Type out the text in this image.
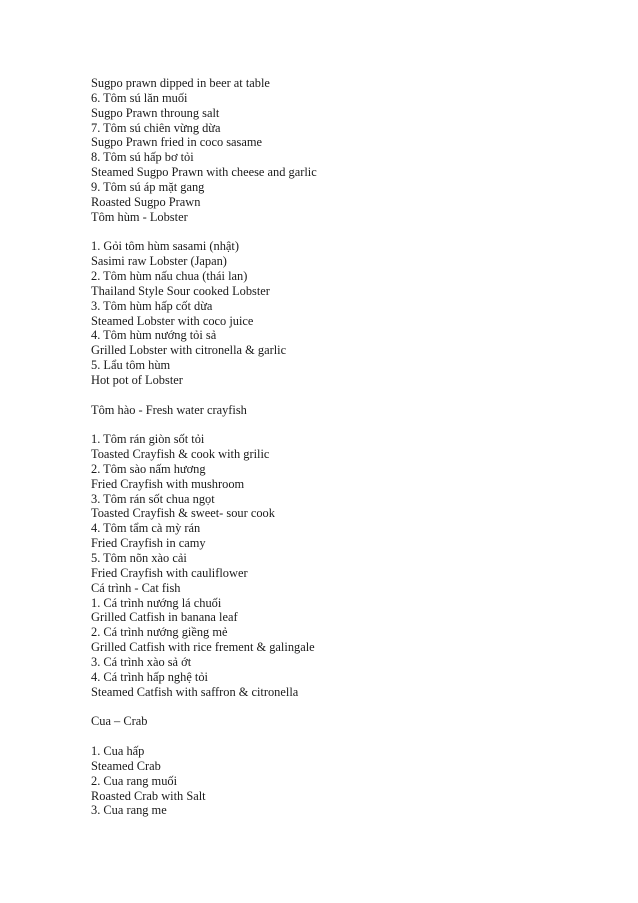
Sugpo prawn dipped in beer at table
6. Tôm sú lăn muối
Sugpo Prawn throung salt
7. Tôm sú chiên vừng dừa
Sugpo Prawn fried in coco sasame
8. Tôm sú hấp bơ tỏi
Steamed Sugpo Prawn with cheese and garlic
9. Tôm sú áp mặt gang
Roasted Sugpo Prawn
Tôm hùm - Lobster
1. Gỏi tôm hùm sasami (nhật)
Sasimi raw Lobster (Japan)
2. Tôm hùm nấu chua (thái lan)
Thailand Style Sour cooked Lobster
3. Tôm hùm hấp cốt dừa
Steamed Lobster with coco juice
4. Tôm hùm nướng tỏi sả
Grilled Lobster with citronella & garlic
5. Lẩu tôm hùm
Hot pot of Lobster
Tôm hào - Fresh water crayfish
1. Tôm rán giòn sốt tỏi
Toasted Crayfish & cook with grilic
2. Tôm sào nấm hương
Fried Crayfish with mushroom
3. Tôm rán sốt chua ngọt
Toasted Crayfish & sweet- sour cook
4. Tôm tẩm cà mỳ rán
Fried Crayfish in camy
5. Tôm nõn xào cải
Fried Crayfish with cauliflower
Cá trình - Cat fish
1. Cá trình nướng lá chuối
Grilled Catfish in banana leaf
2. Cá trình nướng giềng mẻ
Grilled Catfish with rice frement & galingale
3. Cá trình xào sả ớt
4. Cá trình hấp nghệ tỏi
Steamed Catfish with saffron & citronella
Cua – Crab
1. Cua hấp
Steamed Crab
2. Cua rang muối
Roasted Crab with Salt
3. Cua rang me
